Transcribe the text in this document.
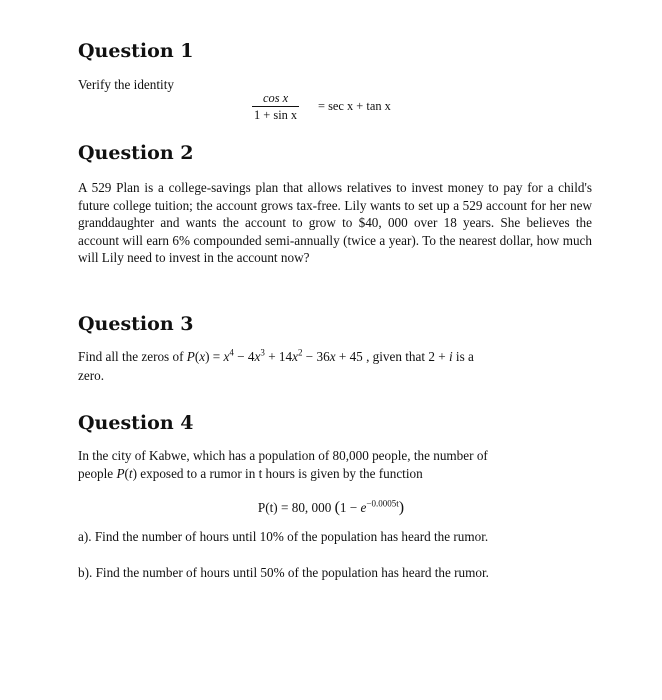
Question 1

Verify the identity

cos x
1 + sin x
= sec x + tan x
Question 2

A 529 Plan is a college-savings plan that allows relatives to invest money to pay for a child's future college tuition; the account grows tax-free. Lily wants to set up a 529 account for her new granddaughter and wants the account to grow to $40, 000 over 18 years. She believes the account will earn 6% compounded semi-annually (twice a year). To the nearest dollar, how much will Lily need to invest in the account now?

Question 3

Find all the zeros of $P(x) = x^4 - 4x^3 + 14x^2 - 36x + 45$ , given that 2 + i is a

zero.

Question 4

In the city of Kabwe, which has a population of 80,000 people, the number of

people P(t) exposed to a rumor in t hours is given by the function

P(t) = 80, 000 $(1 - e^{-0.0005t})$

a). Find the number of hours until 10% of the population has heard the rumor.

b). Find the number of hours until 50% of the population has heard the rumor.
